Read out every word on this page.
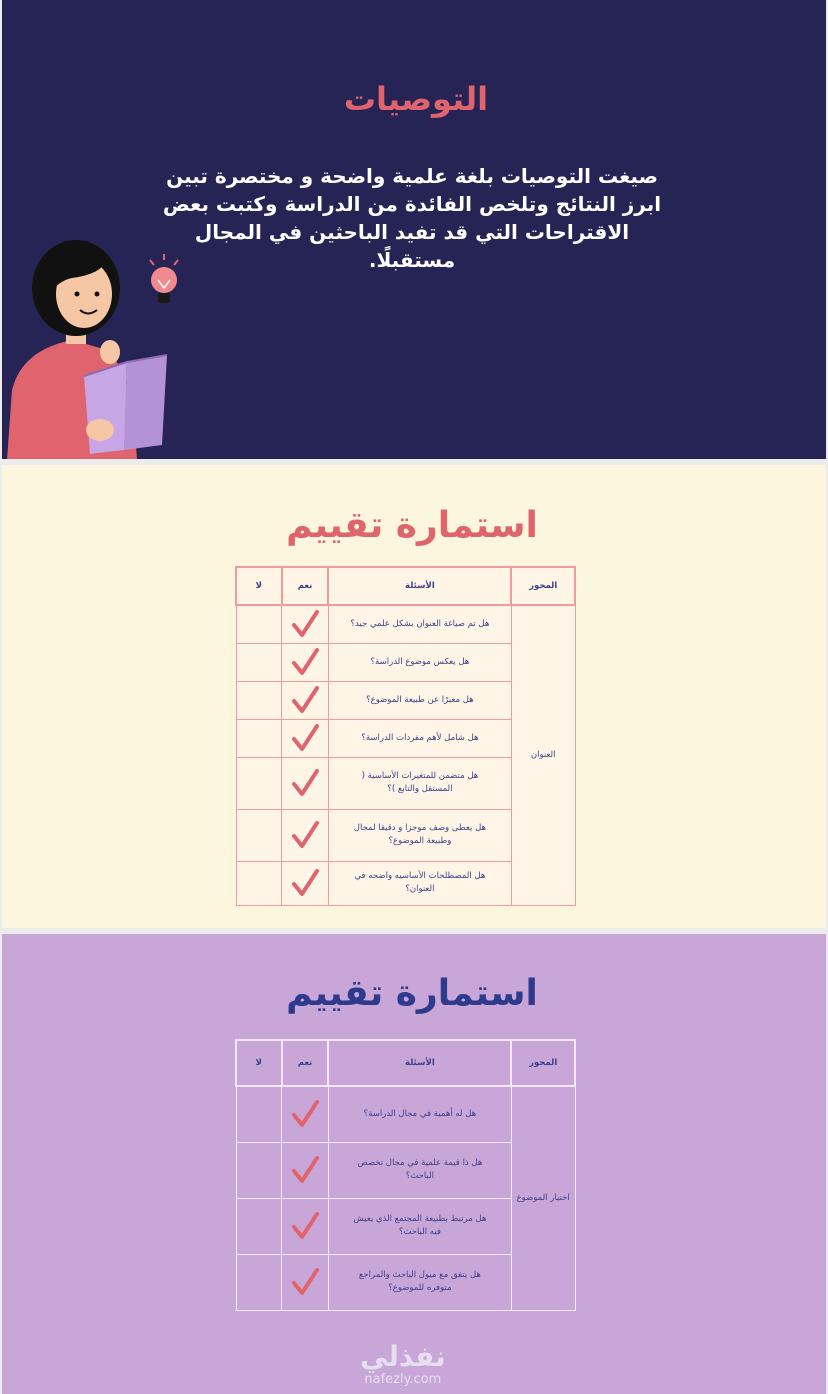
التوصيات
صيغت التوصيات بلغة علمية واضحة و مختصرة تبين ابرز النتائج وتلخص الفائدة من الدراسة وكتبت بعض الاقتراحات التي قد تفيد الباحثين في المجال مستقبلًا.
استمارة تقييم
المحور	الأسئلة	نعم	لا
العنوان	هل تم صياغة العنوان بشكل علمي جيد؟	

	هل يعكس موضوع الدراسة؟	

	هل معبرًا عن طبيعة الموضوع؟	

	هل شامل لأهم مفردات الدراسة؟	

	هل متضمن للمتغيرات الأساسية ( المستقل والتابع )؟	

	هل يعطى وصف موجزا و دقيقا لمجال وطبيعة الموضوع؟	

	هل المصطلحات الأساسيه واضحه في العنوان؟	

استمارة تقييم
المحور	الأسئلة	نعم	لا
اختيار الموضوع	هل له أهمية في مجال الدراسة؟	

	هل ذا قيمة علمية في مجال تخصص الباحث؟	

	هل مرتبط بطبيعة المجتمع الذي يعيش فيه الباحث؟	

	هل يتفق مع ميول الباحث والمراجع متوفره للموضوع؟	

نفذلي
nafezly.com
